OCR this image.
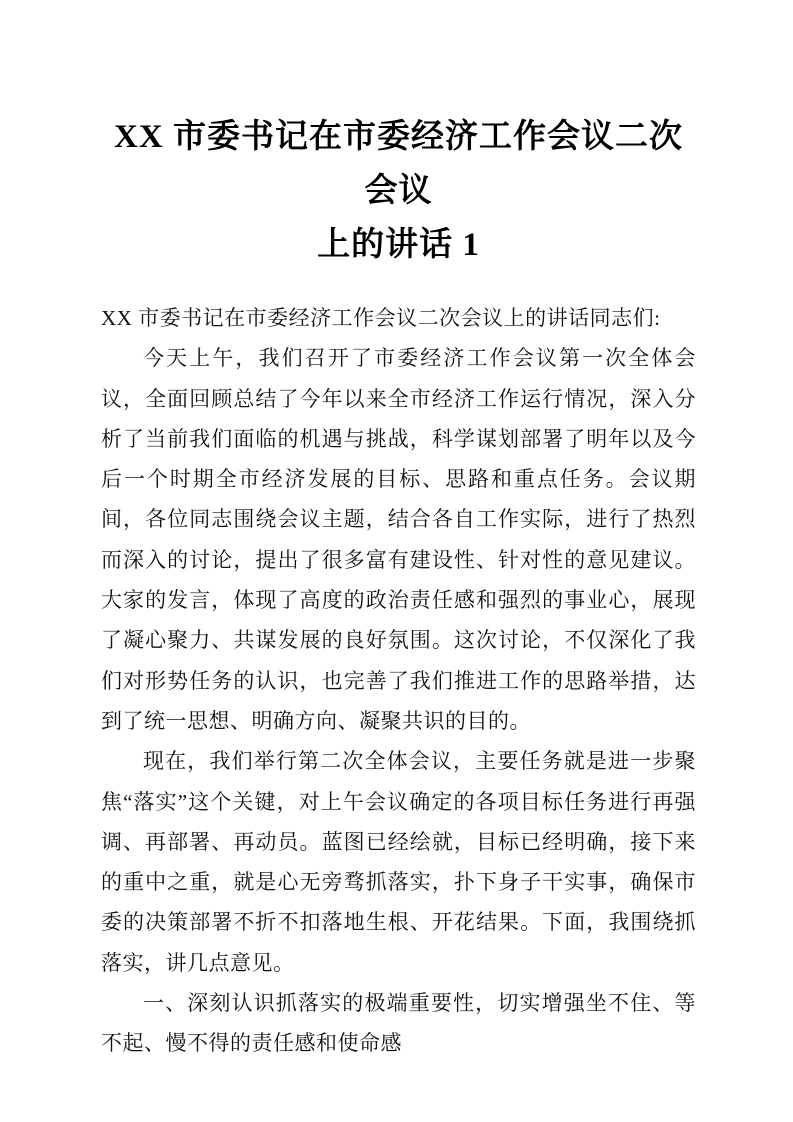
XX 市委书记在市委经济工作会议二次会议
上的讲话 1

XX 市委书记在市委经济工作会议二次会议上的讲话同志们:

今天上午，我们召开了市委经济工作会议第一次全体会议，全面回顾总结了今年以来全市经济工作运行情况，深入分析了当前我们面临的机遇与挑战，科学谋划部署了明年以及今后一个时期全市经济发展的目标、思路和重点任务。会议期间，各位同志围绕会议主题，结合各自工作实际，进行了热烈而深入的讨论，提出了很多富有建设性、针对性的意见建议。大家的发言，体现了高度的政治责任感和强烈的事业心，展现了凝心聚力、共谋发展的良好氛围。这次讨论，不仅深化了我们对形势任务的认识，也完善了我们推进工作的思路举措，达到了统一思想、明确方向、凝聚共识的目的。

现在，我们举行第二次全体会议，主要任务就是进一步聚焦“落实”这个关键，对上午会议确定的各项目标任务进行再强调、再部署、再动员。蓝图已经绘就，目标已经明确，接下来的重中之重，就是心无旁骛抓落实，扑下身子干实事，确保市委的决策部署不折不扣落地生根、开花结果。下面，我围绕抓落实，讲几点意见。

一、深刻认识抓落实的极端重要性，切实增强坐不住、等不起、慢不得的责任感和使命感
